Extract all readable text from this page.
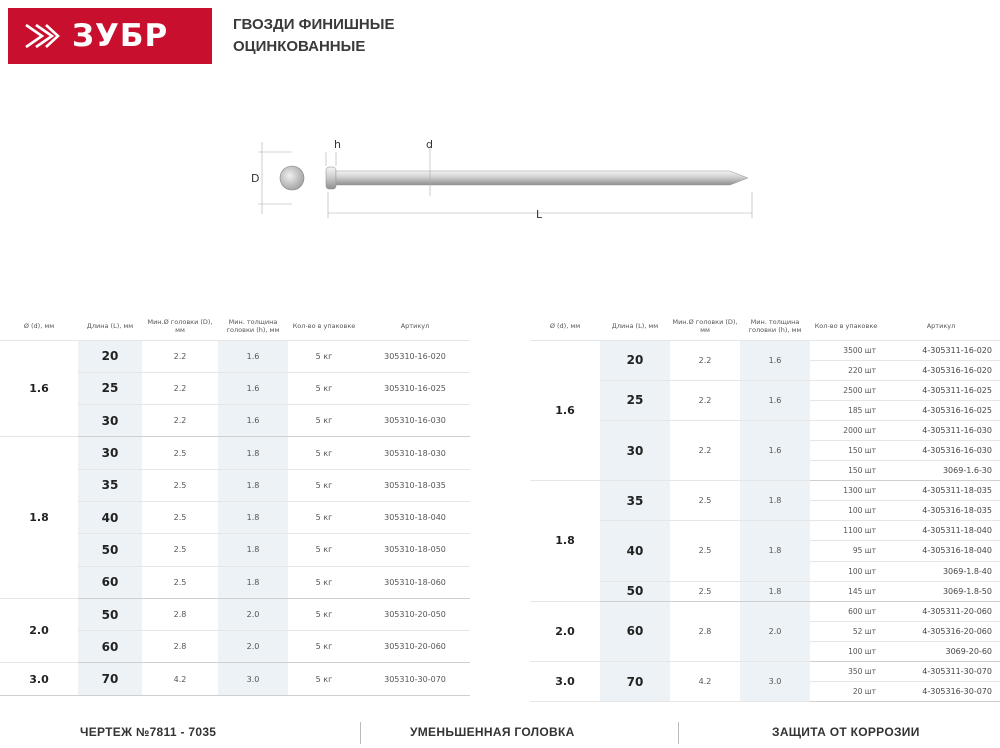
ЗУБР	ГВОЗДИ ФИНИШНЫЕ
ОЦИНКОВАННЫЕ
D
h	d
L
Ø (d), мм	Длина (L), мм	Мин.Ø головки (D), мм	Мин. толщина головки (h), мм	Кол-во в упаковке	Артикул
1.6	20	2.2	1.6	5 кг	305310-16-020
	25	2.2	1.6	5 кг	305310-16-025
	30	2.2	1.6	5 кг	305310-16-030
1.8	30	2.5	1.8	5 кг	305310-18-030
	35	2.5	1.8	5 кг	305310-18-035
	40	2.5	1.8	5 кг	305310-18-040
	50	2.5	1.8	5 кг	305310-18-050
	60	2.5	1.8	5 кг	305310-18-060
2.0	50	2.8	2.0	5 кг	305310-20-050
	60	2.8	2.0	5 кг	305310-20-060
3.0	70	4.2	3.0	5 кг	305310-30-070
Ø (d), мм	Длина (L), мм	Мин.Ø головки (D), мм	Мин. толщина головки (h), мм	Кол-во в упаковке	Артикул
1.6	20	2.2	1.6	3500 шт	4-305311-16-020
				220 шт	4-305316-16-020
	25	2.2	1.6	2500 шт	4-305311-16-025
				185 шт	4-305316-16-025
	30	2.2	1.6	2000 шт	4-305311-16-030
				150 шт	4-305316-16-030
				150 шт	3069-1.6-30
1.8	35	2.5	1.8	1300 шт	4-305311-18-035
				100 шт	4-305316-18-035
	40	2.5	1.8	1100 шт	4-305311-18-040
				95 шт	4-305316-18-040
				100 шт	3069-1.8-40
	50	2.5	1.8	145 шт	3069-1.8-50
2.0	60	2.8	2.0	600 шт	4-305311-20-060
				52 шт	4-305316-20-060
				100 шт	3069-20-60
3.0	70	4.2	3.0	350 шт	4-305311-30-070
				20 шт	4-305316-30-070
ЧЕРТЕЖ №7811 - 7035	УМЕНЬШЕННАЯ ГОЛОВКА	ЗАЩИТА ОТ КОРРОЗИИ
